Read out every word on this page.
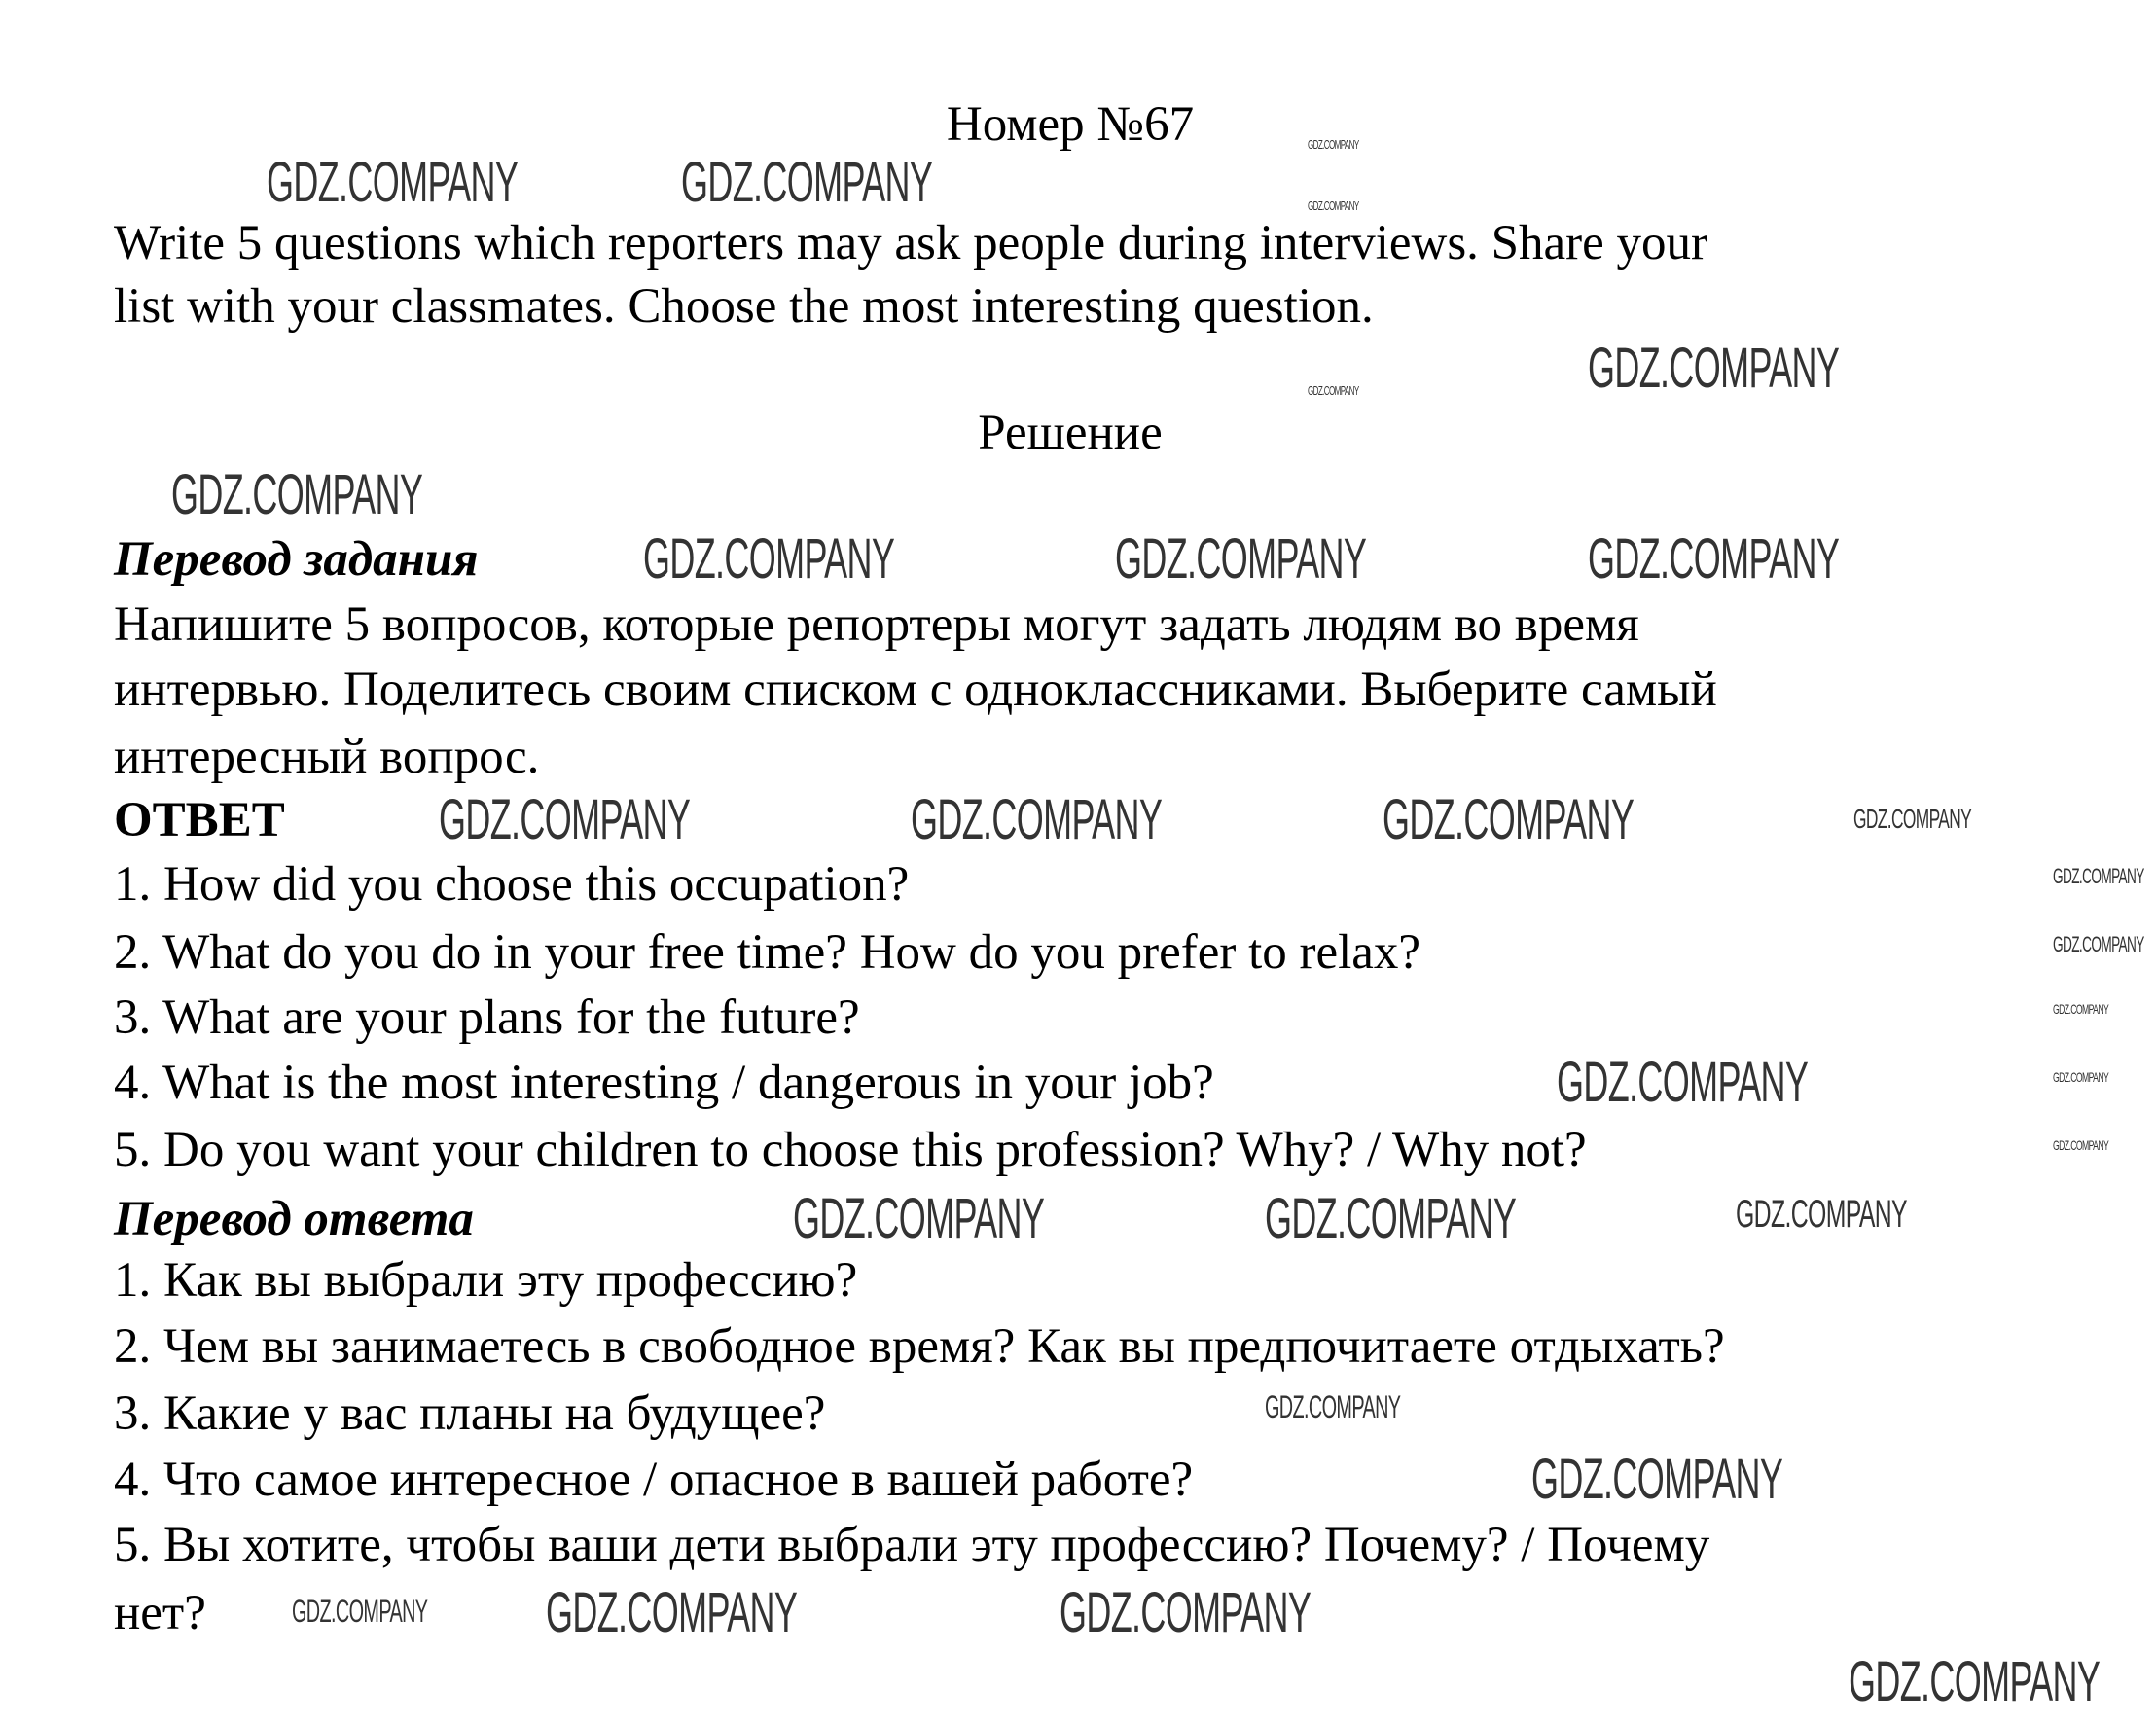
Номер №67
Write 5 questions which reporters may ask people during interviews. Share your
list with your classmates. Choose the most interesting question.
Решение
Перевод задания
Напишите 5 вопросов, которые репортеры могут задать людям во время
интервью. Поделитесь своим списком с одноклассниками. Выберите самый
интересный вопрос.
ОТВЕТ
1. How did you choose this occupation?
2. What do you do in your free time? How do you prefer to relax?
3. What are your plans for the future?
4. What is the most interesting / dangerous in your job?
5. Do you want your children to choose this profession? Why? / Why not?
Перевод ответа
1. Как вы выбрали эту профессию?
2. Чем вы занимаетесь в свободное время? Как вы предпочитаете отдыхать?
3. Какие у вас планы на будущее?
4. Что самое интересное / опасное в вашей работе?
5. Вы хотите, чтобы ваши дети выбрали эту профессию? Почему? / Почему
нет?
GDZ.COMPANY	GDZ.COMPANY
GDZ.COMPANY
GDZ.COMPANY
GDZ.COMPANY	GDZ.COMPANY	GDZ.COMPANY
GDZ.COMPANY	GDZ.COMPANY	GDZ.COMPANY	GDZ.COMPANY
GDZ.COMPANY
GDZ.COMPANY	GDZ.COMPANY	GDZ.COMPANY
GDZ.COMPANY
GDZ.COMPANY
GDZ.COMPANY	GDZ.COMPANY
GDZ.COMPANY
GDZ.COMPANY
GDZ.COMPANY
GDZ.COMPANY
GDZ.COMPANY
GDZ.COMPANY
GDZ.COMPANY
GDZ.COMPANY
GDZ.COMPANY
GDZ.COMPANY
